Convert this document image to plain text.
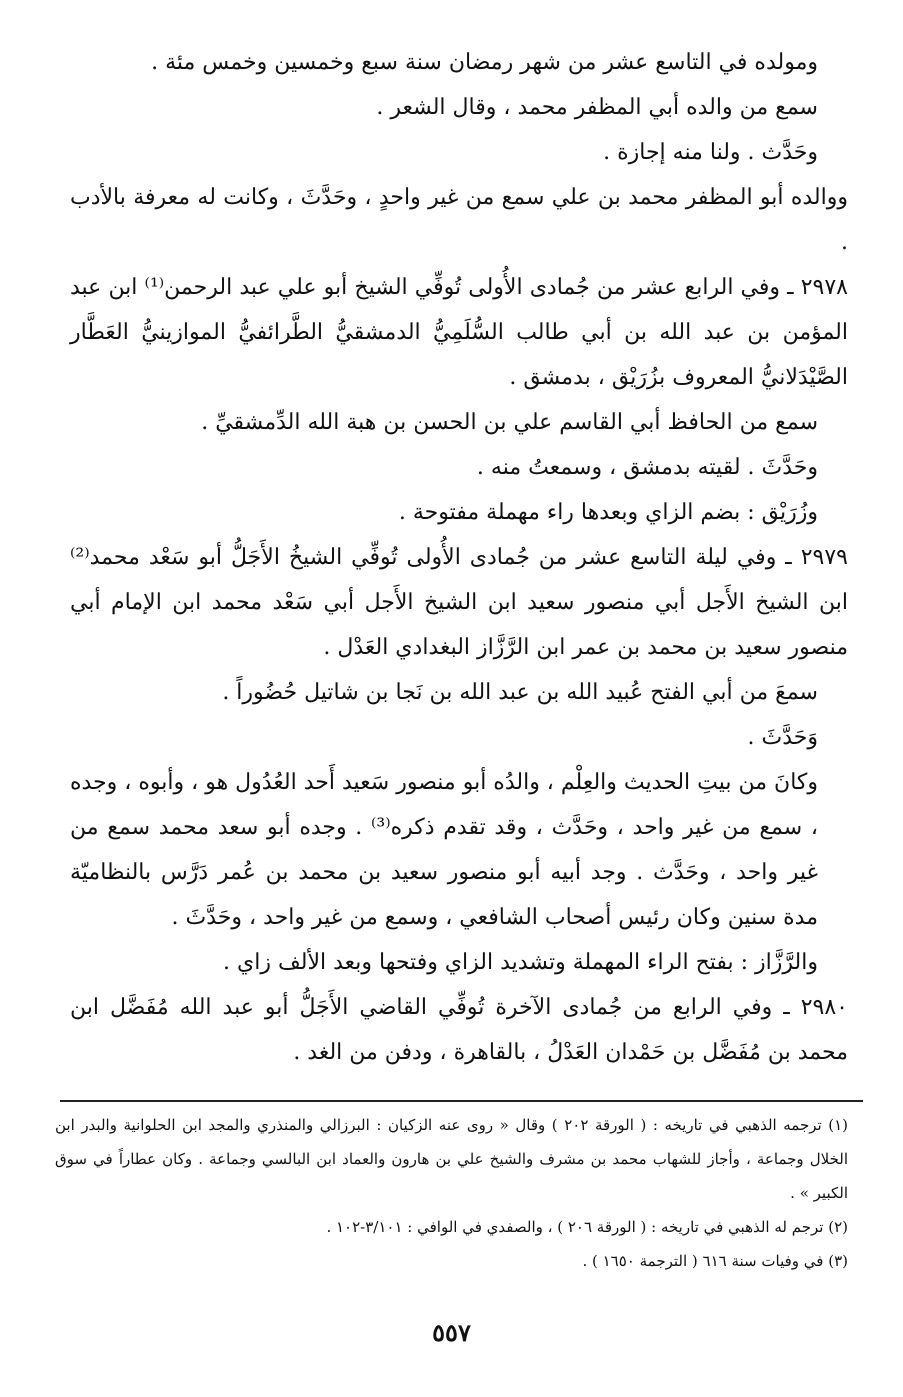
ومولده في التاسع عشر من شهر رمضان سنة سبع وخمسين وخمس مئة .

سمع من والده أبي المظفر محمد ، وقال الشعر .

وحَدَّث . ولنا منه إجازة .

ووالده أبو المظفر محمد بن علي سمع من غير واحدٍ ، وحَدَّثَ ، وكانت له معرفة بالأدب .

٢٩٧٨ ـ وفي الرابع عشر من جُمادى الأُولى تُوفِّي الشيخ أبو علي عبد الرحمن⁽¹⁾ ابن عبد المؤمن بن عبد الله بن أبي طالب السُّلَمِيُّ الدمشقيُّ الطَّرائفيُّ الموازينيُّ العَطَّار الصَّيْدَلانيُّ المعروف بزُرَيْق ، بدمشق .

سمع من الحافظ أبي القاسم علي بن الحسن بن هبة الله الدِّمشقيِّ .

وحَدَّثَ . لقيته بدمشق ، وسمعتُ منه .

وزُرَيْق : بضم الزاي وبعدها راء مهملة مفتوحة .

٢٩٧٩ ـ وفي ليلة التاسع عشر من جُمادى الأُولى تُوفِّي الشيخُ الأَجَلُّ أبو سَعْد محمد⁽²⁾ ابن الشيخ الأَجل أبي منصور سعيد ابن الشيخ الأَجل أبي سَعْد محمد ابن الإمام أبي منصور سعيد بن محمد بن عمر ابن الرَّزَّاز البغدادي العَدْل .

سمعَ من أبي الفتح عُبيد الله بن عبد الله بن نَجا بن شاتيل حُضُوراً .

وَحَدَّثَ .

وكانَ من بيتِ الحديث والعِلْم ، والدُه أبو منصور سَعيد أَحد العُدُول هو ، وأبوه ، وجده ، سمع من غير واحد ، وحَدَّث ، وقد تقدم ذكره⁽³⁾ . وجده أبو سعد محمد سمع من غير واحد ، وحَدَّث . وجد أبيه أبو منصور سعيد بن محمد بن عُمر دَرَّس بالنظاميّة مدة سنين وكان رئيس أصحاب الشافعي ، وسمع من غير واحد ، وحَدَّثَ .

والرَّزَّاز : بفتح الراء المهملة وتشديد الزاي وفتحها وبعد الألف زاي .

٢٩٨٠ ـ وفي الرابع من جُمادى الآخرة تُوفِّي القاضي الأَجَلُّ أبو عبد الله مُفَضَّل ابن محمد بن مُفَضَّل بن حَمْدان العَدْلُ ، بالقاهرة ، ودفن من الغد .

(١) ترجمه الذهبي في تاريخه : ( الورقة ٢٠٢ ) وقال « روى عنه الزكيان : البرزالي والمنذري والمجد ابن الحلوانية والبدر ابن الخلال وجماعة ، وأجاز للشهاب محمد بن مشرف والشيخ علي بن هارون والعماد ابن البالسي وجماعة . وكان عطاراً في سوق الكبير » .

(٢) ترجم له الذهبي في تاريخه : ( الورقة ٢٠٦ ) ، والصفدي في الوافي : ٣/١٠١-١٠٢ .

(٣) في وفيات سنة ٦١٦ ( الترجمة ١٦٥٠ ) .

٥٥٧
